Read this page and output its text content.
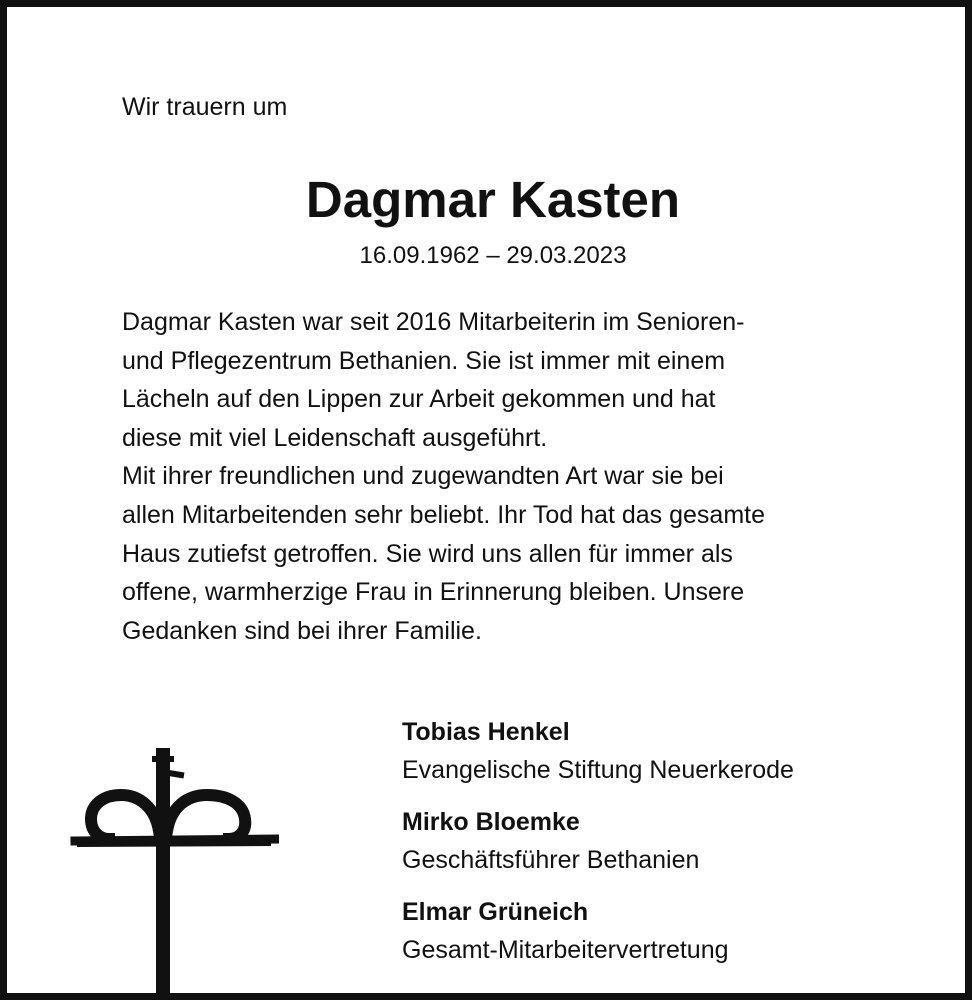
Wir trauern um
Dagmar Kasten
16.09.1962 – 29.03.2023
Dagmar Kasten war seit 2016 Mitarbeiterin im Senioren-
und Pflegezentrum Bethanien. Sie ist immer mit einem
Lächeln auf den Lippen zur Arbeit gekommen und hat
diese mit viel Leidenschaft ausgeführt.
Mit ihrer freundlichen und zugewandten Art war sie bei
allen Mitarbeitenden sehr beliebt. Ihr Tod hat das gesamte
Haus zutiefst getroffen. Sie wird uns allen für immer als
offene, warmherzige Frau in Erinnerung bleiben. Unsere
Gedanken sind bei ihrer Familie.
Tobias Henkel
Evangelische Stiftung Neuerkerode
Mirko Bloemke
Geschäftsführer Bethanien
Elmar Grüneich
Gesamt-Mitarbeitervertretung
